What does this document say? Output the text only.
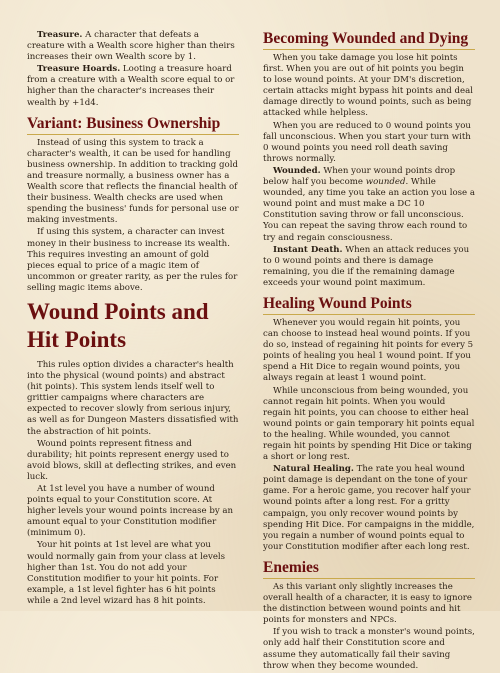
Treasure. A character that defeats a creature with a Wealth score higher than theirs increases their own Wealth score by 1.

Treasure Hoards. Looting a treasure hoard from a creature with a Wealth score equal to or higher than the character's increases their wealth by +1d4.

Variant: Business Ownership

Instead of using this system to track a character's wealth, it can be used for handling business ownership. In addition to tracking gold and treasure normally, a business owner has a Wealth score that reflects the financial health of their business. Wealth checks are used when spending the business' funds for personal use or making investments.

If using this system, a character can invest money in their business to increase its wealth. This requires investing an amount of gold pieces equal to price of a magic item of uncommon or greater rarity, as per the rules for selling magic items above.

Wound Points and Hit Points

This rules option divides a character's health into the physical (wound points) and abstract (hit points). This system lends itself well to grittier campaigns where characters are expected to recover slowly from serious injury, as well as for Dungeon Masters dissatisfied with the abstraction of hit points.

Wound points represent fitness and durability; hit points represent energy used to avoid blows, skill at deflecting strikes, and even luck.

At 1st level you have a number of wound points equal to your Constitution score. At higher levels your wound points increase by an amount equal to your Constitution modifier (minimum 0).

Your hit points at 1st level are what you would normally gain from your class at levels higher than 1st. You do not add your Constitution modifier to your hit points. For example, a 1st level fighter has 6 hit points while a 2nd level wizard has 8 hit points.

Becoming Wounded and Dying

When you take damage you lose hit points first. When you are out of hit points you begin to lose wound points. At your DM's discretion, certain attacks might bypass hit points and deal damage directly to wound points, such as being attacked while helpless.

When you are reduced to 0 wound points you fall unconscious. When you start your turn with 0 wound points you need roll death saving throws normally.

Wounded. When your wound points drop below half you become wounded. While wounded, any time you take an action you lose a wound point and must make a DC 10 Constitution saving throw or fall unconscious. You can repeat the saving throw each round to try and regain consciousness.

Instant Death. When an attack reduces you to 0 wound points and there is damage remaining, you die if the remaining damage exceeds your wound point maximum.

Healing Wound Points

Whenever you would regain hit points, you can choose to instead heal wound points. If you do so, instead of regaining hit points for every 5 points of healing you heal 1 wound point. If you spend a Hit Dice to regain wound points, you always regain at least 1 wound point.

While unconscious from being wounded, you cannot regain hit points. When you would regain hit points, you can choose to either heal wound points or gain temporary hit points equal to the healing. While wounded, you cannot regain hit points by spending Hit Dice or taking a short or long rest.

Natural Healing. The rate you heal wound point damage is dependant on the tone of your game. For a heroic game, you recover half your wound points after a long rest. For a gritty campaign, you only recover wound points by spending Hit Dice. For campaigns in the middle, you regain a number of wound points equal to your Constitution modifier after each long rest.

Enemies

As this variant only slightly increases the overall health of a character, it is easy to ignore the distinction between wound points and hit points for monsters and NPCs.

If you wish to track a monster's wound points, only add half their Constitution score and assume they automatically fail their saving throw when they become wounded.
